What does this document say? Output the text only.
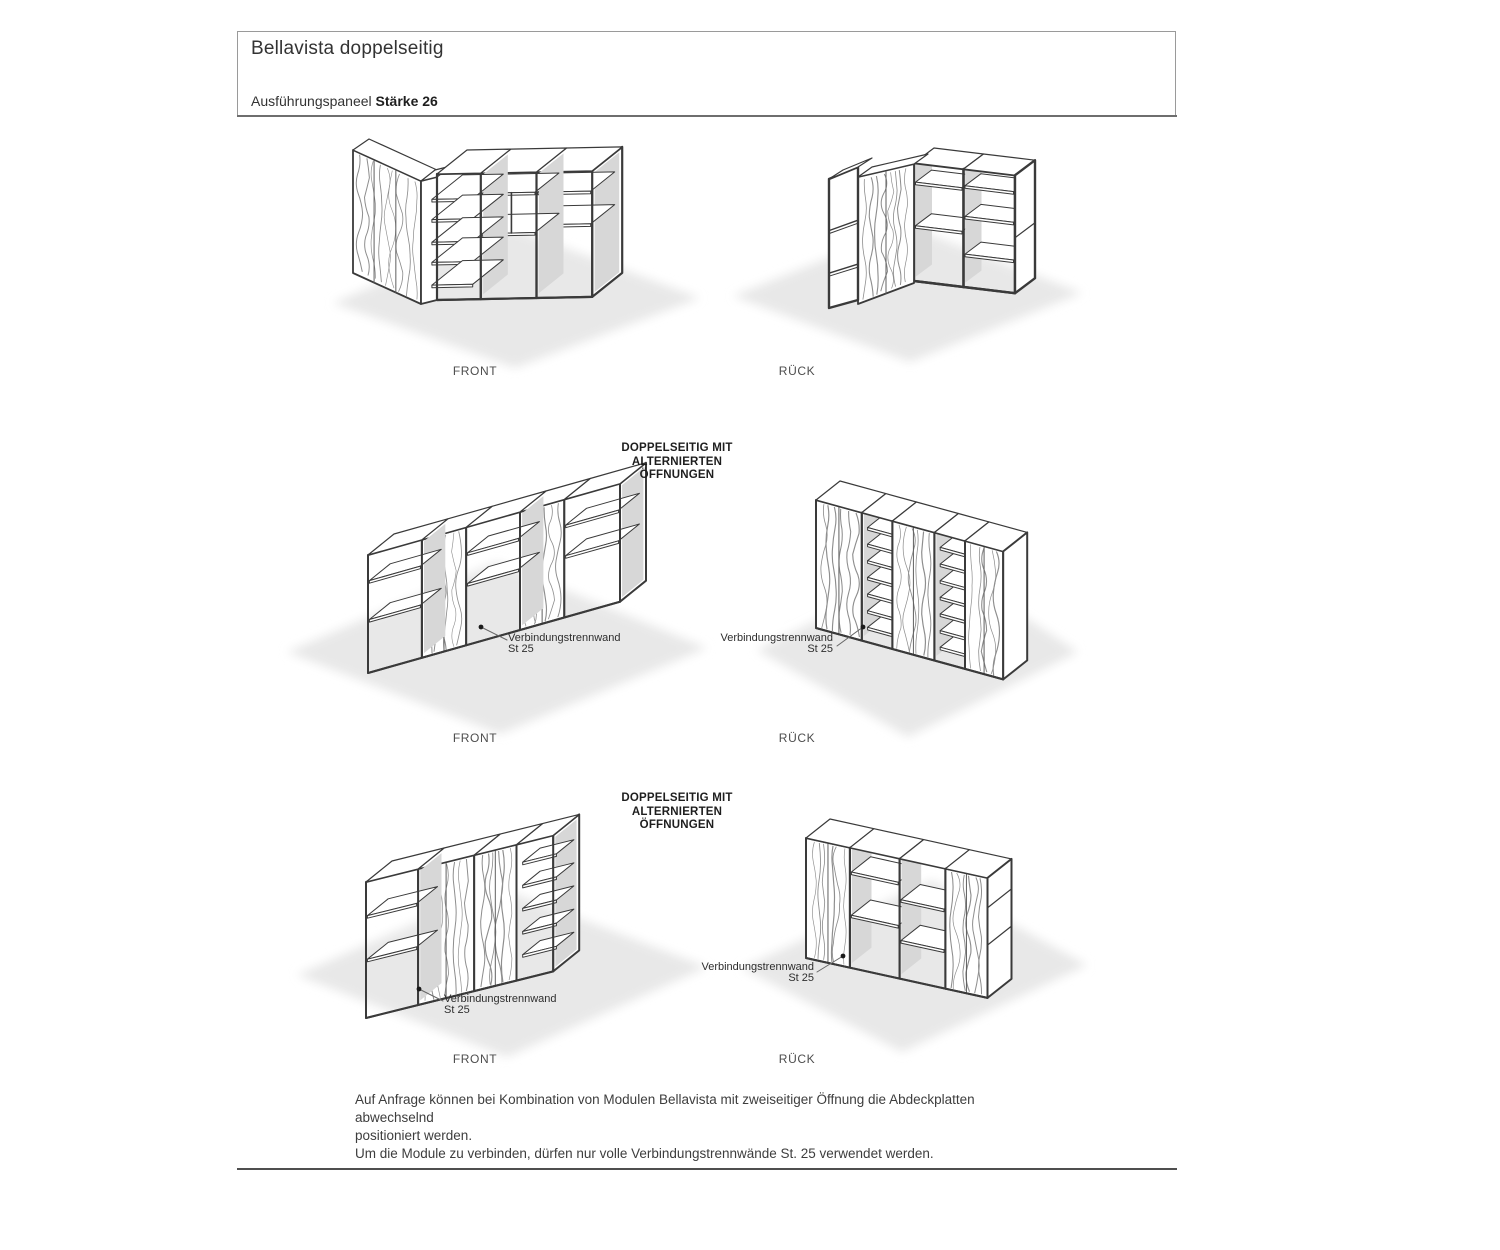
Bellavista doppelseitig
Ausführungspaneel Stärke 26
DOPPELSEITIG MIT
ALTERNIERTEN
ÖFFNUNGEN
DOPPELSEITIG MIT
ALTERNIERTEN
ÖFFNUNGEN
FRONT	RÜCK
FRONT	RÜCK
FRONT	RÜCK
Verbindungstrennwand
St 25
Verbindungstrennwand
St 25
Verbindungstrennwand
St 25
Verbindungstrennwand
St 25
Auf Anfrage können bei Kombination von Modulen Bellavista mit zweiseitiger Öffnung die Abdeckplatten abwechselnd
positioniert werden.
Um die Module zu verbinden, dürfen nur volle Verbindungstrennwände St. 25 verwendet werden.
